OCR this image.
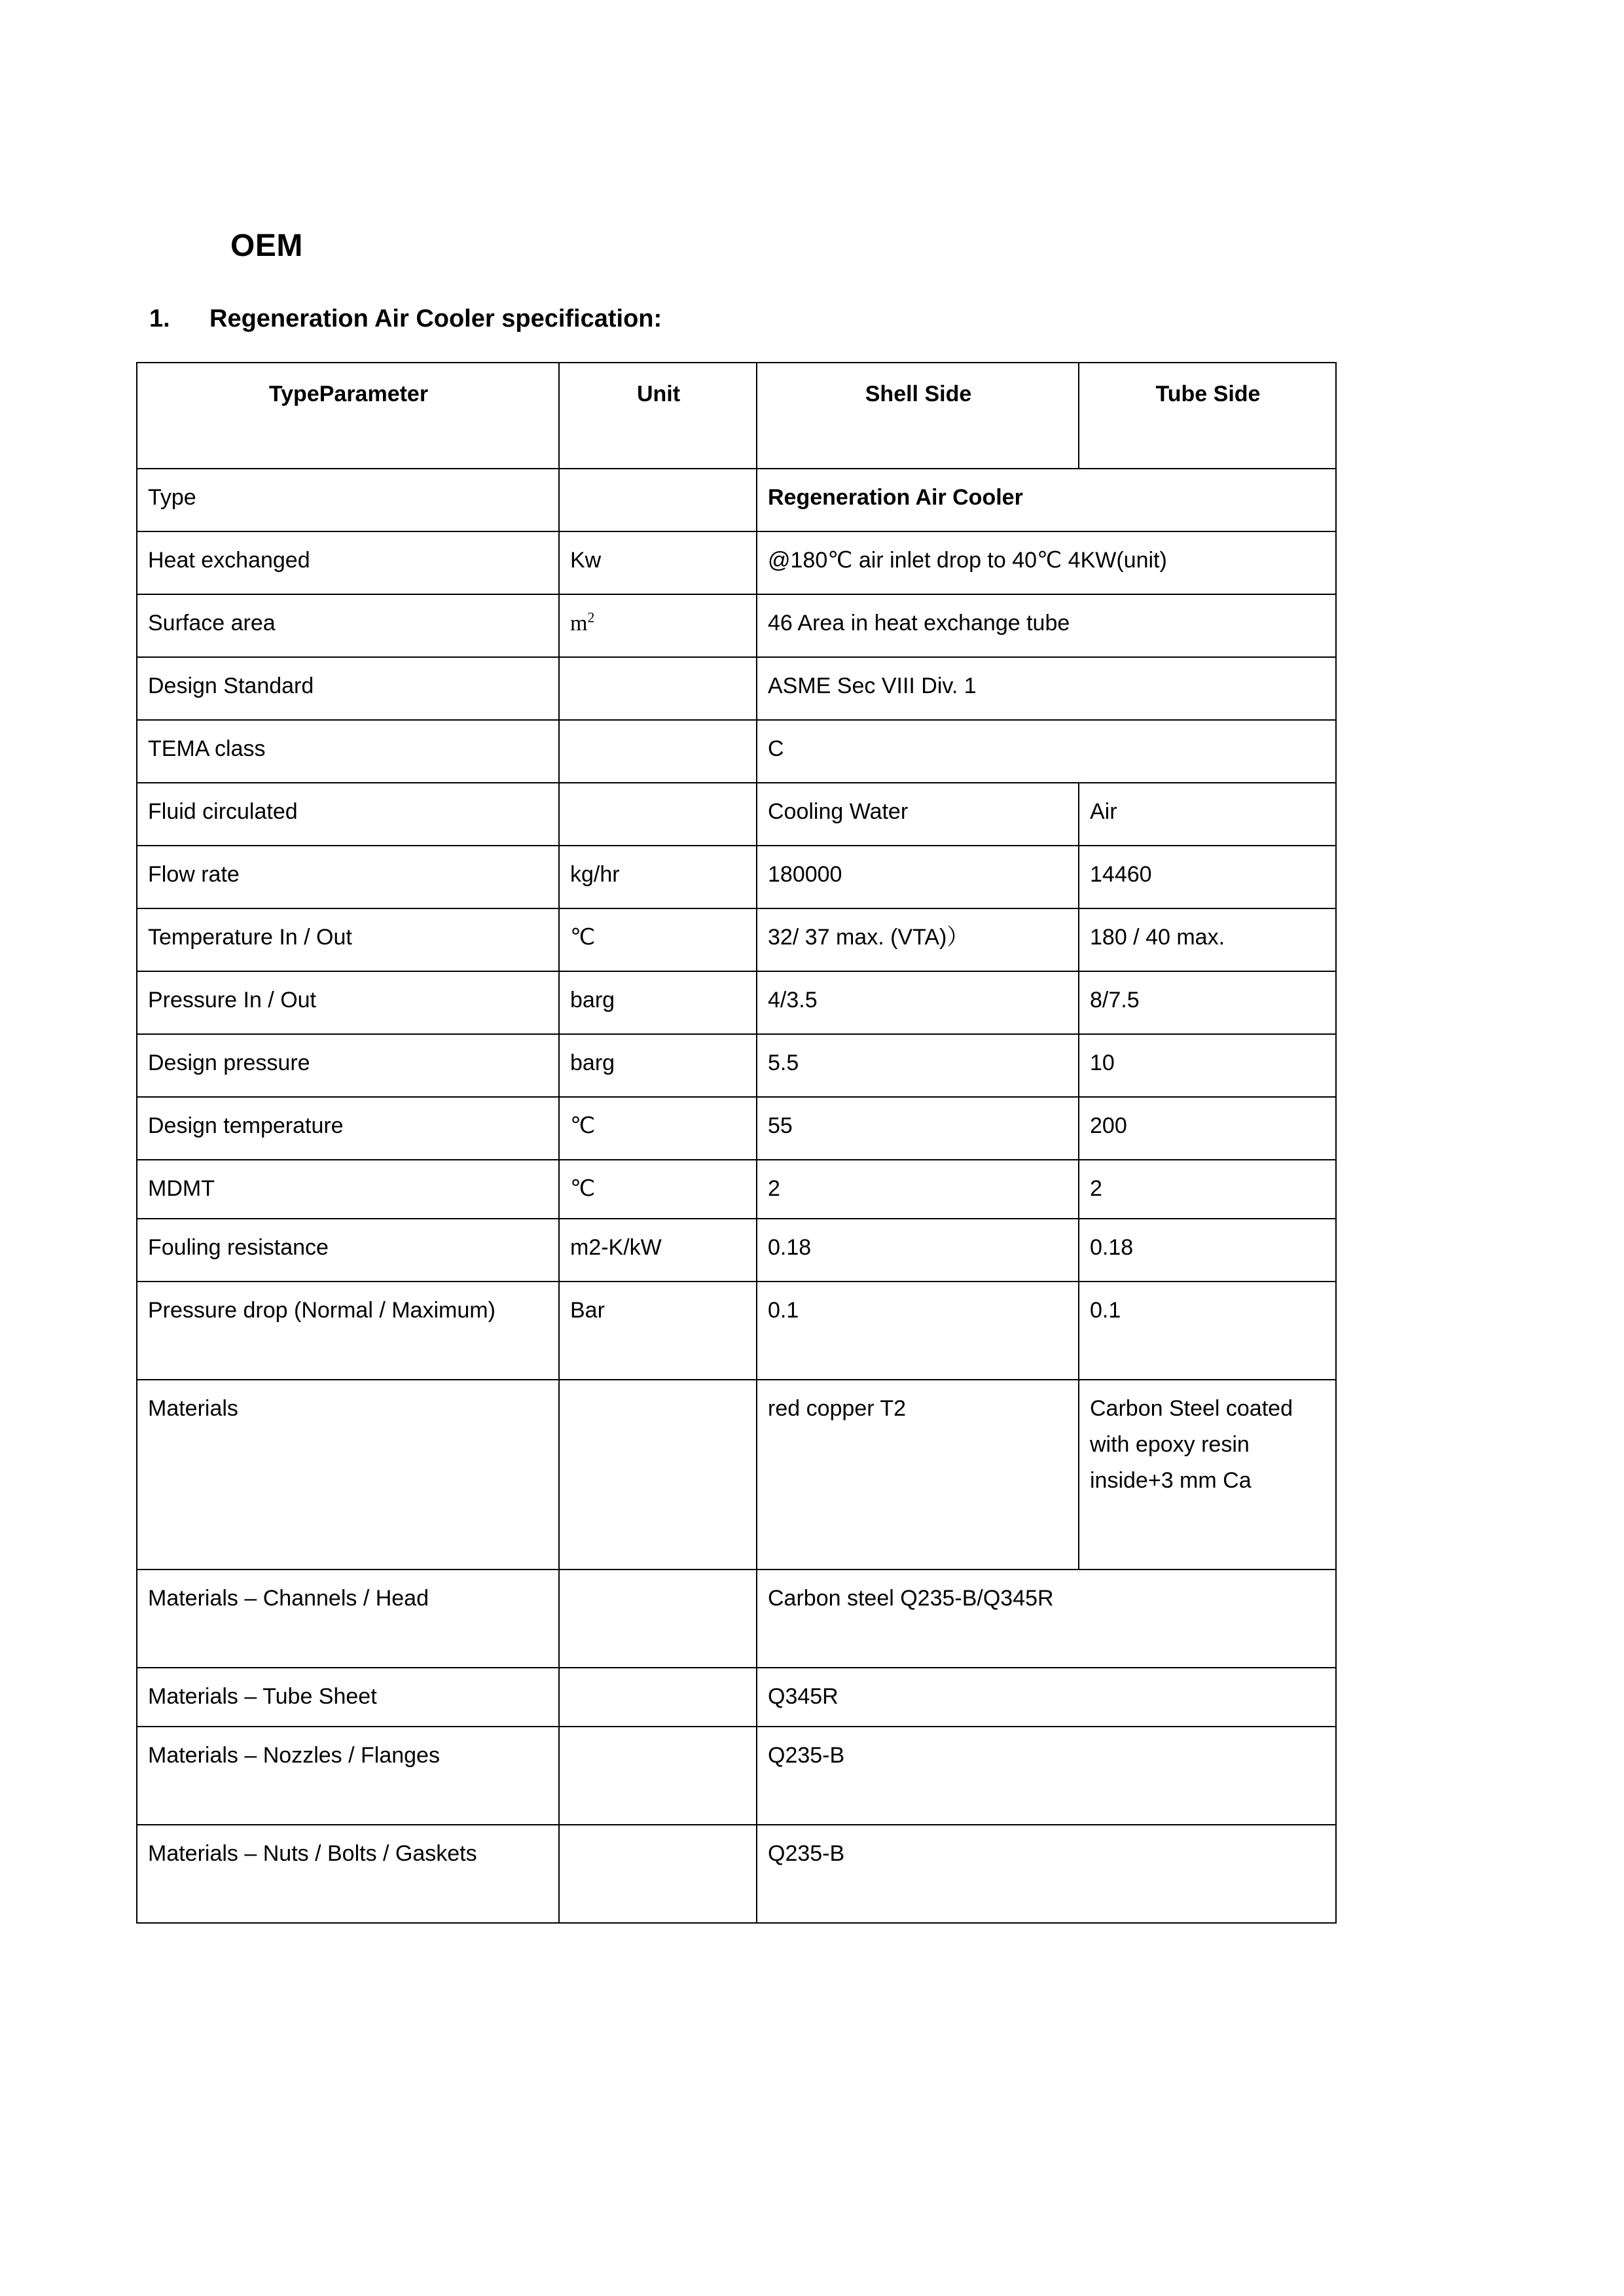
OEM
1. Regeneration Air Cooler specification:
TypeParameter	Unit	Shell Side	Tube Side
Type		Regeneration Air Cooler	
Heat exchanged	Kw	@180℃ air inlet drop to 40℃ 4KW(unit)	
Surface area	$m^2$	46 Area in heat exchange tube	
Design Standard		ASME Sec VIII Div. 1	
TEMA class		C	
Fluid circulated		Cooling Water	Air
Flow rate	kg/hr	180000	14460
Temperature In / Out	℃	32/ 37 max. (VTA)）	180 / 40 max.
Pressure In / Out	barg	4/3.5	8/7.5
Design pressure	barg	5.5	10
Design temperature	℃	55	200
MDMT	℃	2	2
Fouling resistance	m2-K/kW	0.18	0.18
Pressure drop (Normal / Maximum)	Bar	0.1	0.1
Materials		red copper T2	Carbon Steel coated with epoxy resin inside+3 mm Ca
Materials – Channels / Head		Carbon steel Q235-B/Q345R	
Materials – Tube Sheet		Q345R	
Materials – Nozzles / Flanges		Q235-B	
Materials – Nuts / Bolts / Gaskets		Q235-B	
